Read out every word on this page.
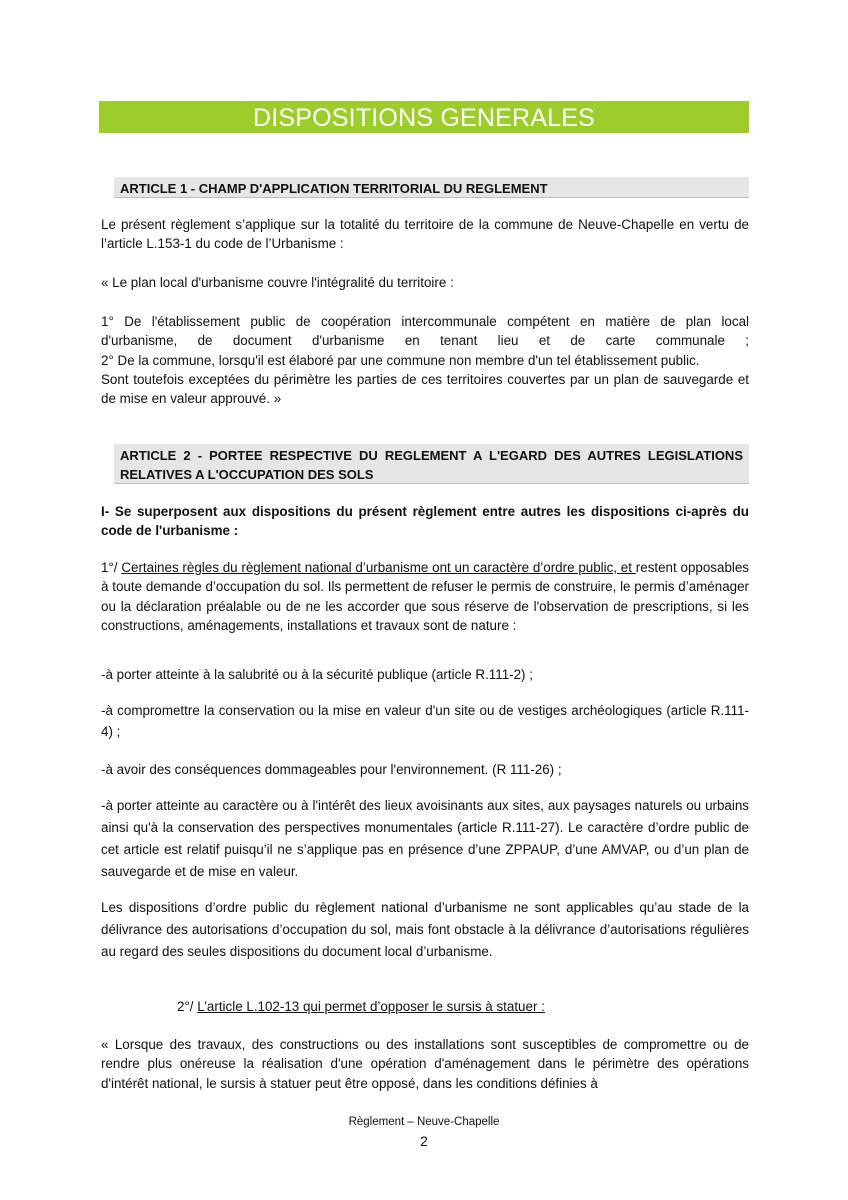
DISPOSITIONS GENERALES
ARTICLE 1 - CHAMP D'APPLICATION TERRITORIAL DU REGLEMENT

Le présent règlement s’applique sur la totalité du territoire de la commune de Neuve-Chapelle en vertu de l’article L.153-1 du code de l’Urbanisme :

« Le plan local d'urbanisme couvre l'intégralité du territoire :

1° De l'établissement public de coopération intercommunale compétent en matière de plan local
d'urbanisme, de document d'urbanisme en tenant lieu et de carte communale ;
2° De la commune, lorsqu'il est élaboré par une commune non membre d'un tel établissement public.
Sont toutefois exceptées du périmètre les parties de ces territoires couvertes par un plan de sauvegarde et de mise en valeur approuvé. »
ARTICLE 2 - PORTEE RESPECTIVE DU REGLEMENT A L'EGARD DES AUTRES LEGISLATIONS RELATIVES A L'OCCUPATION DES SOLS

I- Se superposent aux dispositions du présent règlement entre autres les dispositions ci-après du code de l'urbanisme :

1°/ Certaines règles du règlement national d’urbanisme ont un caractère d’ordre public, et restent opposables à toute demande d’occupation du sol. Ils permettent de refuser le permis de construire, le permis d’aménager ou la déclaration préalable ou de ne les accorder que sous réserve de l'observation de prescriptions, si les constructions, aménagements, installations et travaux sont de nature :

-à porter atteinte à la salubrité ou à la sécurité publique (article R.111-2) ;

-à compromettre la conservation ou la mise en valeur d'un site ou de vestiges archéologiques (article R.111-4) ;

-à avoir des conséquences dommageables pour l'environnement. (R 111-26) ;

-à porter atteinte au caractère ou à l'intérêt des lieux avoisinants aux sites, aux paysages naturels ou urbains ainsi qu'à la conservation des perspectives monumentales (article R.111-27). Le caractère d’ordre public de cet article est relatif puisqu’il ne s’applique pas en présence d’une ZPPAUP, d’une AMVAP, ou d’un plan de sauvegarde et de mise en valeur.

Les dispositions d’ordre public du règlement national d’urbanisme ne sont applicables qu’au stade de la délivrance des autorisations d’occupation du sol, mais font obstacle à la délivrance d’autorisations régulières au regard des seules dispositions du document local d’urbanisme.

2°/ L’article L.102-13 qui permet d’opposer le sursis à statuer :

« Lorsque des travaux, des constructions ou des installations sont susceptibles de compromettre ou de rendre plus onéreuse la réalisation d'une opération d'aménagement dans le périmètre des opérations d'intérêt national, le sursis à statuer peut être opposé, dans les conditions définies à

Règlement – Neuve-Chapelle
2
